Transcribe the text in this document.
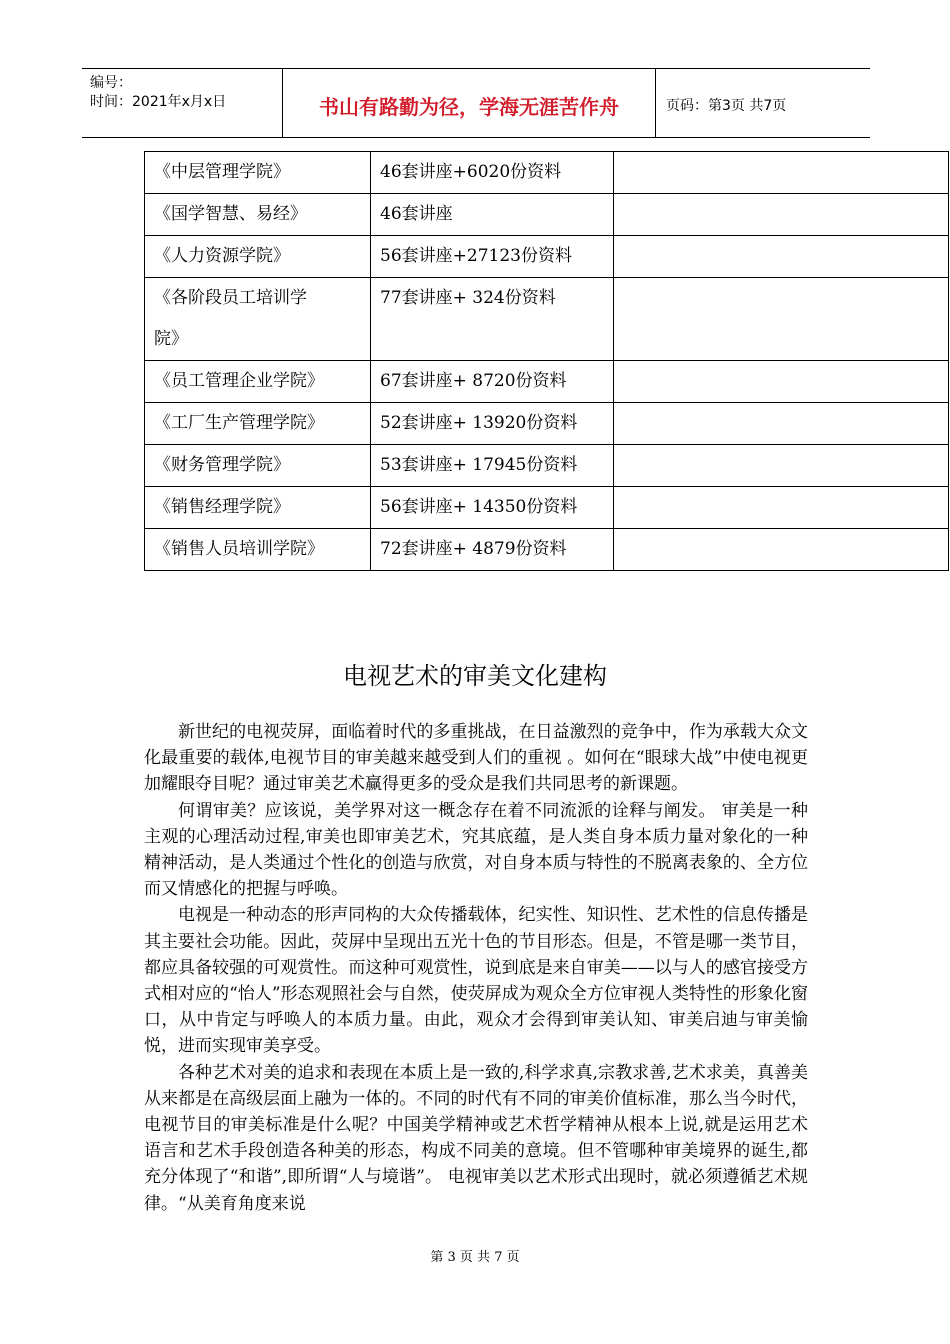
编号：
时间：2021年x月x日	书山有路勤为径，学海无涯苦作舟	页码：第3页 共7页
《中层管理学院》	46套讲座+6020份资料	
《国学智慧、易经》	46套讲座	
《人力资源学院》	56套讲座+27123份资料	
《各阶段员工培训学院》	77套讲座+ 324份资料	
《员工管理企业学院》	67套讲座+ 8720份资料	
《工厂生产管理学院》	52套讲座+ 13920份资料	
《财务管理学院》	53套讲座+ 17945份资料	
《销售经理学院》	56套讲座+ 14350份资料	
《销售人员培训学院》	72套讲座+ 4879份资料	
电视艺术的审美文化建构

新世纪的电视荧屏，面临着时代的多重挑战，在日益激烈的竞争中，作为承载大众文化最重要的载体,电视节目的审美越来越受到人们的重视 。如何在“眼球大战”中使电视更加耀眼夺目呢？通过审美艺术赢得更多的受众是我们共同思考的新课题。

何谓审美？应该说，美学界对这一概念存在着不同流派的诠释与阐发。 审美是一种主观的心理活动过程,审美也即审美艺术，究其底蕴，是人类自身本质力量对象化的一种精神活动，是人类通过个性化的创造与欣赏，对自身本质与特性的不脱离表象的、全方位而又情感化的把握与呼唤。

电视是一种动态的形声同构的大众传播载体，纪实性、知识性、艺术性的信息传播是其主要社会功能。因此，荧屏中呈现出五光十色的节目形态。但是，不管是哪一类节目，都应具备较强的可观赏性。而这种可观赏性，说到底是来自审美——以与人的感官接受方式相对应的“怡人”形态观照社会与自然，使荧屏成为观众全方位审视人类特性的形象化窗口，从中肯定与呼唤人的本质力量。由此，观众才会得到审美认知、审美启迪与审美愉悦，进而实现审美享受。

各种艺术对美的追求和表现在本质上是一致的,科学求真,宗教求善,艺术求美，真善美从来都是在高级层面上融为一体的。不同的时代有不同的审美价值标准，那么当今时代，电视节目的审美标准是什么呢？中国美学精神或艺术哲学精神从根本上说,就是运用艺术语言和艺术手段创造各种美的形态，构成不同美的意境。但不管哪种审美境界的诞生,都充分体现了“和谐”,即所谓“人与境谐”。 电视审美以艺术形式出现时，就必须遵循艺术规律。“从美育角度来说

第 3 页 共 7 页
